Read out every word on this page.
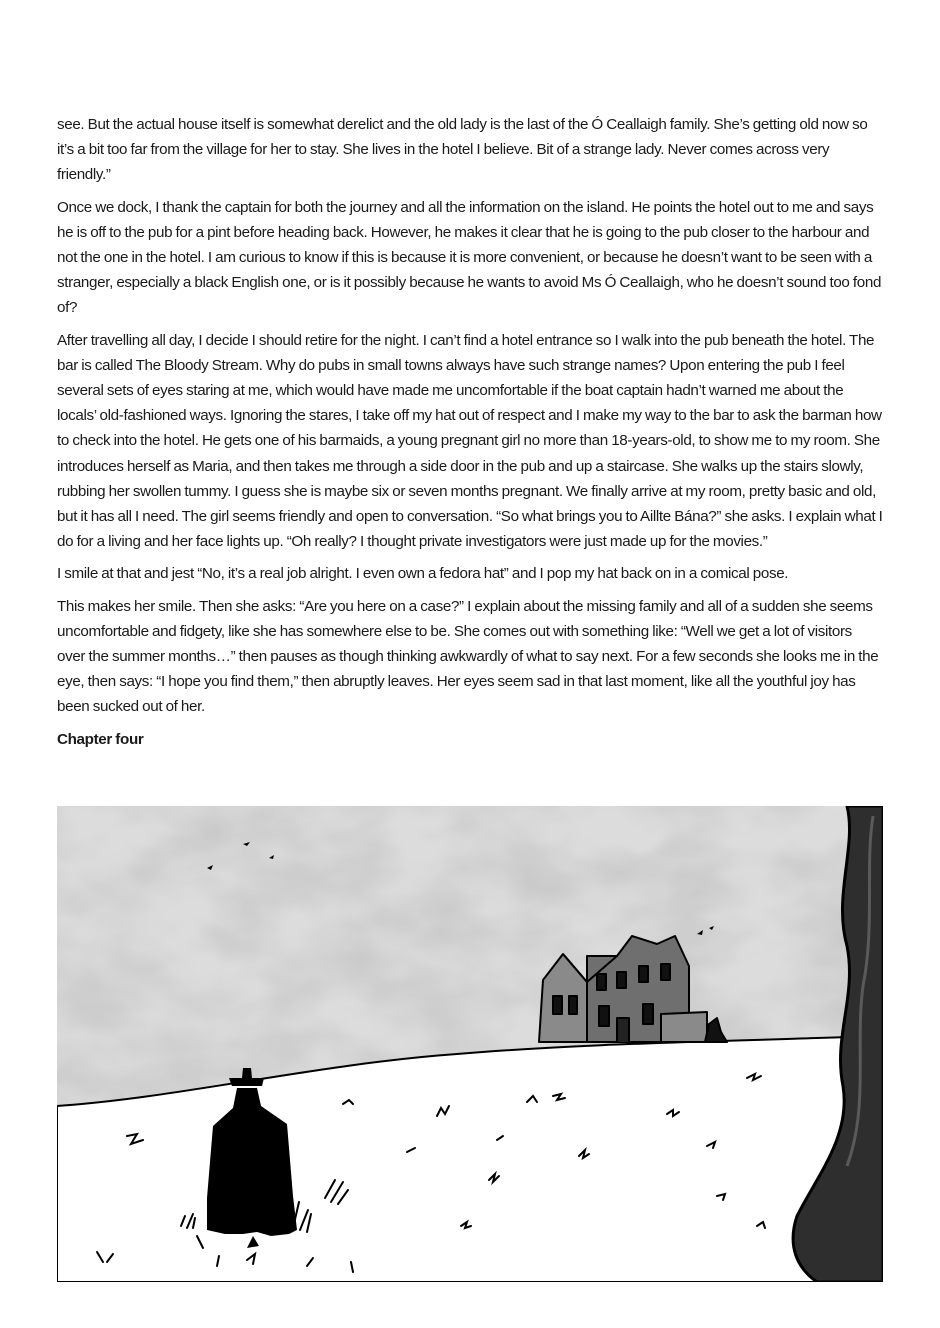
see. But the actual house itself is somewhat derelict and the old lady is the last of the Ó Ceallaigh family. She’s getting old now so it’s a bit too far from the village for her to stay. She lives in the hotel I believe. Bit of a strange lady. Never comes across very friendly.”

Once we dock, I thank the captain for both the journey and all the information on the island. He points the hotel out to me and says he is off to the pub for a pint before heading back. However, he makes it clear that he is going to the pub closer to the harbour and not the one in the hotel. I am curious to know if this is because it is more convenient, or because he doesn’t want to be seen with a stranger, especially a black English one, or is it possibly because he wants to avoid Ms Ó Ceallaigh, who he doesn’t sound too fond of?

After travelling all day, I decide I should retire for the night. I can’t find a hotel entrance so I walk into the pub beneath the hotel. The bar is called The Bloody Stream. Why do pubs in small towns always have such strange names? Upon entering the pub I feel several sets of eyes staring at me, which would have made me uncomfortable if the boat captain hadn’t warned me about the locals’ old-fashioned ways. Ignoring the stares, I take off my hat out of respect and I make my way to the bar to ask the barman how to check into the hotel. He gets one of his barmaids, a young pregnant girl no more than 18-years-old, to show me to my room. She introduces herself as Maria, and then takes me through a side door in the pub and up a staircase. She walks up the stairs slowly, rubbing her swollen tummy. I guess she is maybe six or seven months pregnant. We finally arrive at my room, pretty basic and old, but it has all I need. The girl seems friendly and open to conversation. “So what brings you to Aillte Bána?” she asks. I explain what I do for a living and her face lights up. “Oh really? I thought private investigators were just made up for the movies.”

I smile at that and jest “No, it’s a real job alright. I even own a fedora hat” and I pop my hat back on in a comical pose.

This makes her smile. Then she asks: “Are you here on a case?” I explain about the missing family and all of a sudden she seems uncomfortable and fidgety, like she has somewhere else to be. She comes out with something like: “Well we get a lot of visitors over the summer months…” then pauses as though thinking awkwardly of what to say next. For a few seconds she looks me in the eye, then says: “I hope you find them,” then abruptly leaves. Her eyes seem sad in that last moment, like all the youthful joy has been sucked out of her.

Chapter four
